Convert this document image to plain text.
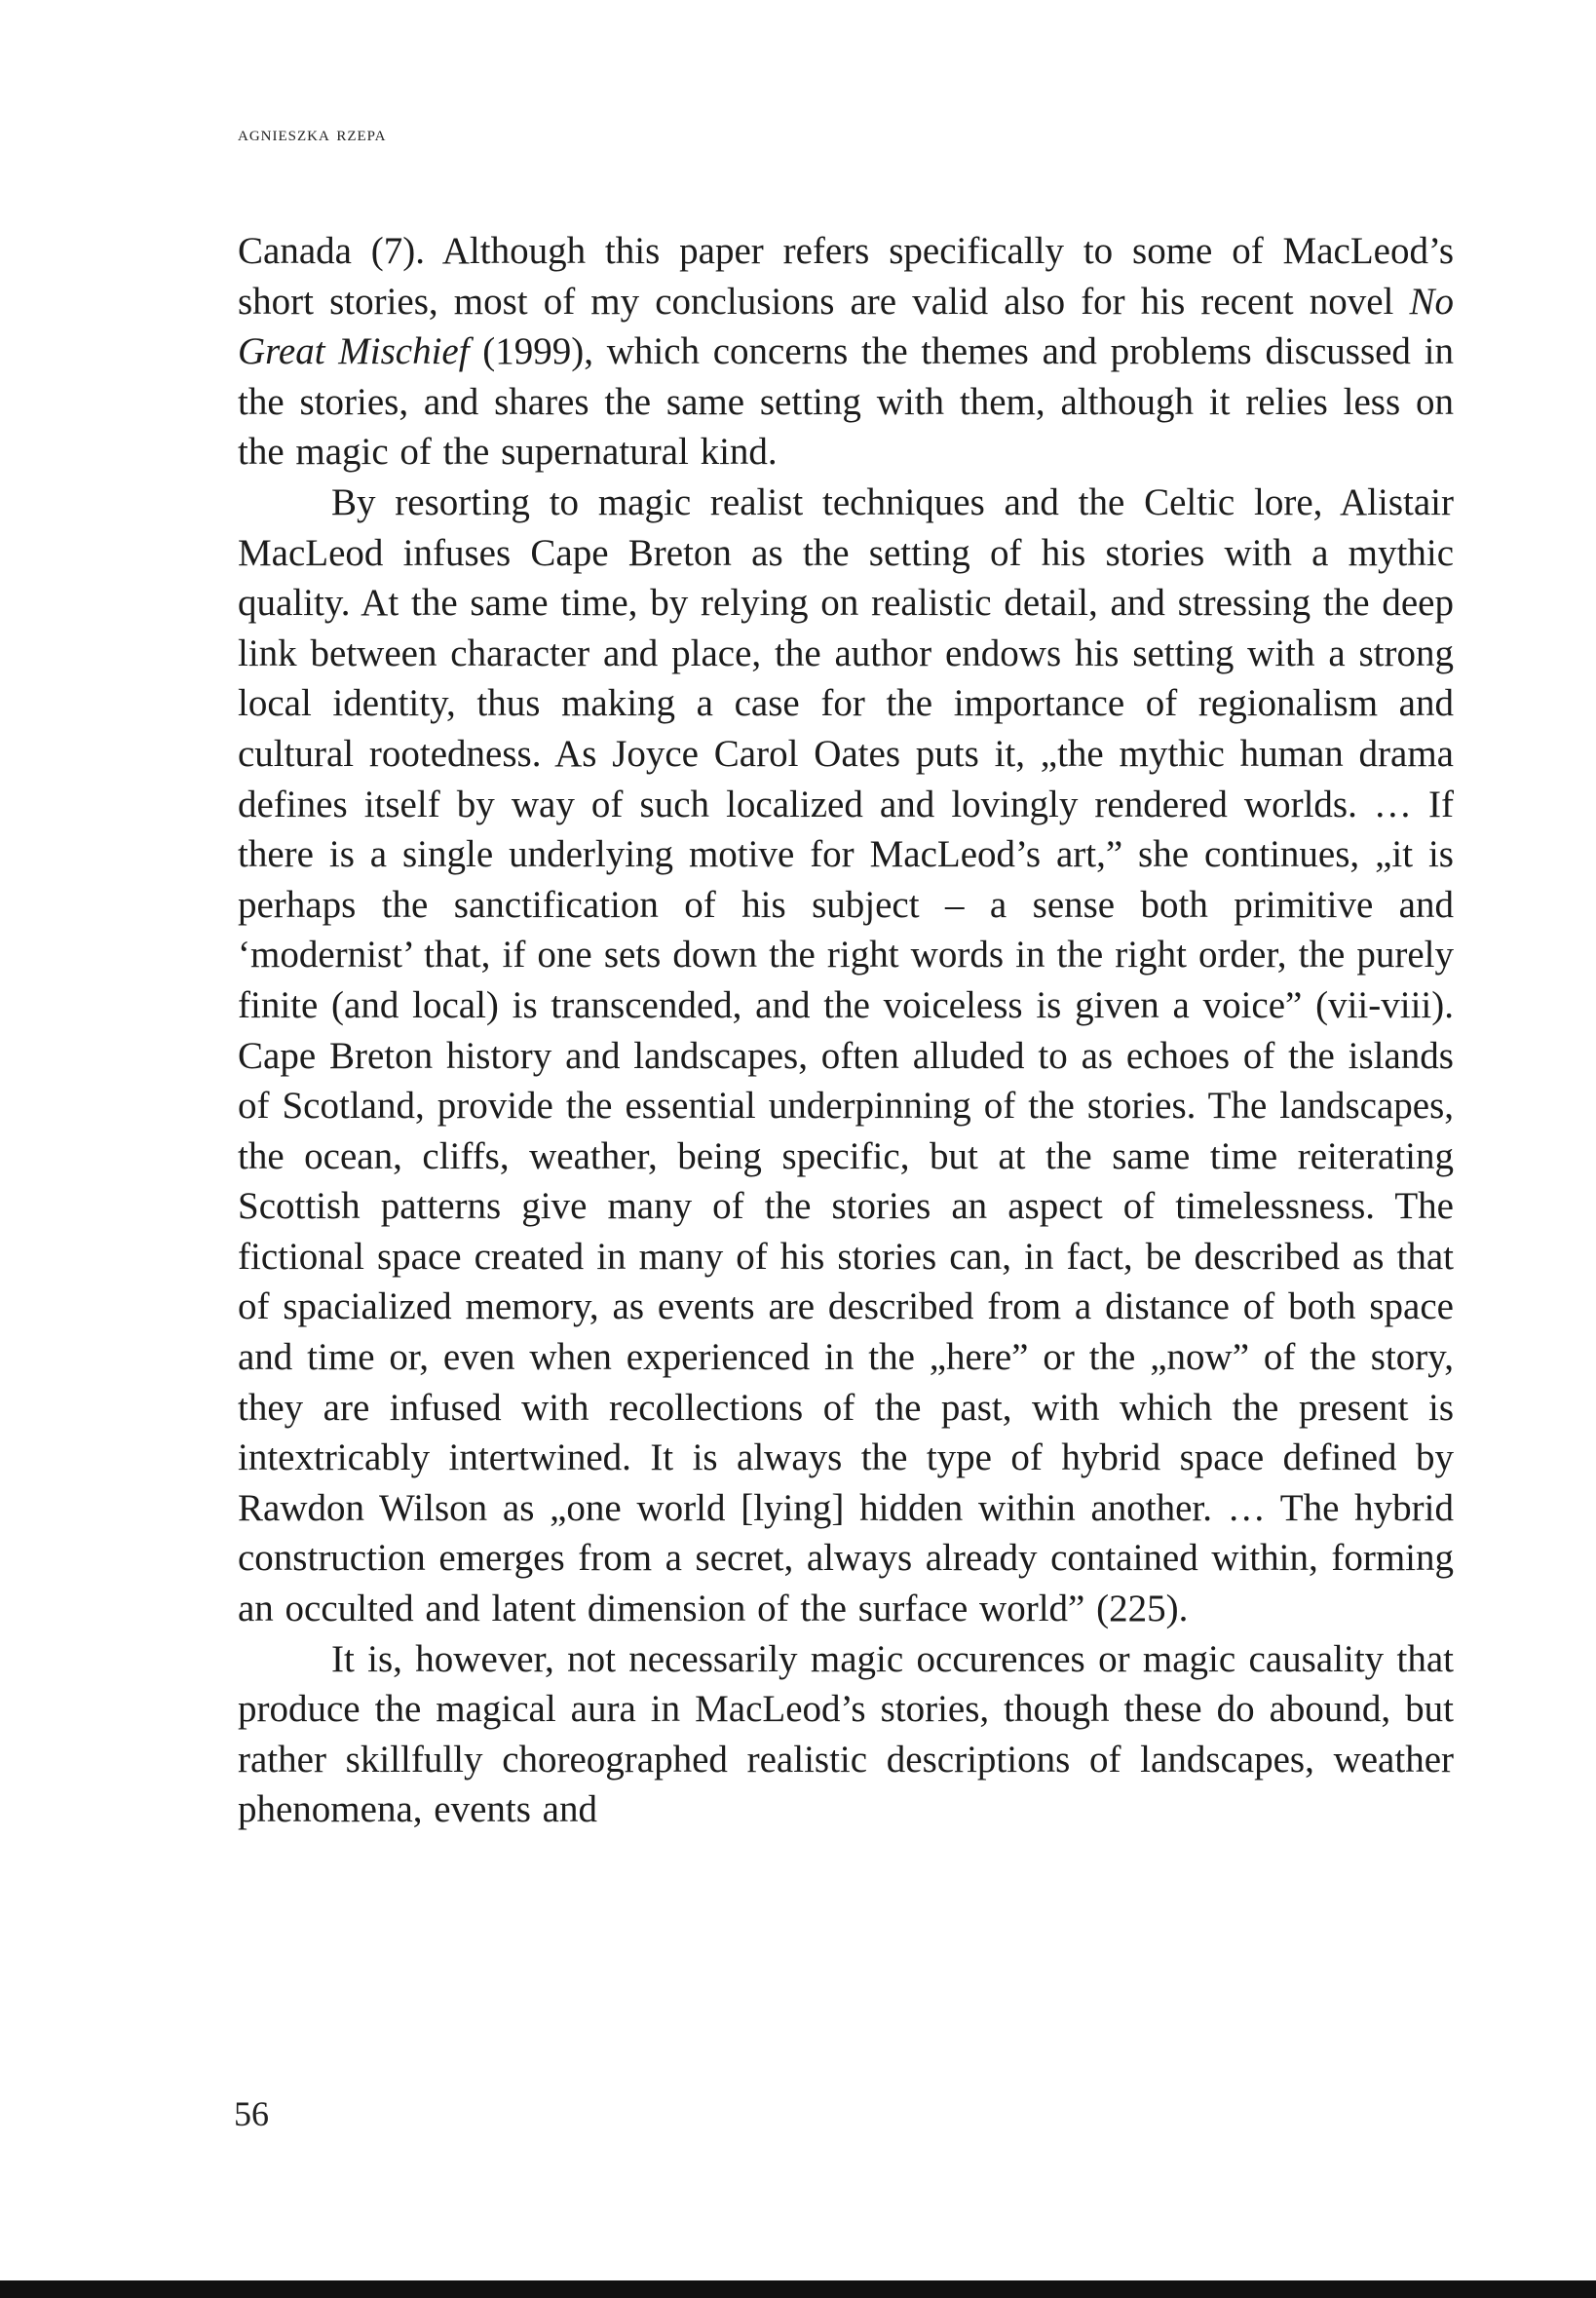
agnieszka rzepa

Canada (7). Although this paper refers specifically to some of MacLeod’s short stories, most of my conclusions are valid also for his recent novel No Great Mischief (1999), which concerns the themes and problems discussed in the stories, and shares the same setting with them, although it relies less on the magic of the supernatural kind.

By resorting to magic realist techniques and the Celtic lore, Alistair MacLeod infuses Cape Breton as the setting of his stories with a mythic quality. At the same time, by relying on realistic detail, and stressing the deep link between character and place, the author endows his setting with a strong local identity, thus making a case for the importance of regionalism and cultural rootedness. As Joyce Carol Oates puts it, „the mythic human drama defines itself by way of such localized and lovingly rendered worlds. … If there is a single underlying motive for MacLeod’s art,” she continues, „it is perhaps the sanctification of his subject – a sense both primitive and ‘modernist’ that, if one sets down the right words in the right order, the purely finite (and local) is transcended, and the voiceless is given a voice” (vii-viii). Cape Breton history and landscapes, often alluded to as echoes of the islands of Scotland, provide the essential underpinning of the stories. The landscapes, the ocean, cliffs, weather, being specific, but at the same time reiterating Scottish patterns give many of the stories an aspect of timelessness. The fictional space created in many of his stories can, in fact, be described as that of spacialized memory, as events are described from a distance of both space and time or, even when experienced in the „here” or the „now” of the story, they are infused with recollections of the past, with which the present is intextricably intertwined. It is always the type of hybrid space defined by Rawdon Wilson as „one world [lying] hidden within another. … The hybrid construction emerges from a secret, always already contained within, forming an occulted and latent dimension of the surface world” (225).

It is, however, not necessarily magic occurences or magic causality that produce the magical aura in MacLeod’s stories, though these do abound, but rather skillfully choreographed realistic descriptions of landscapes, weather phenomena, events and

56
